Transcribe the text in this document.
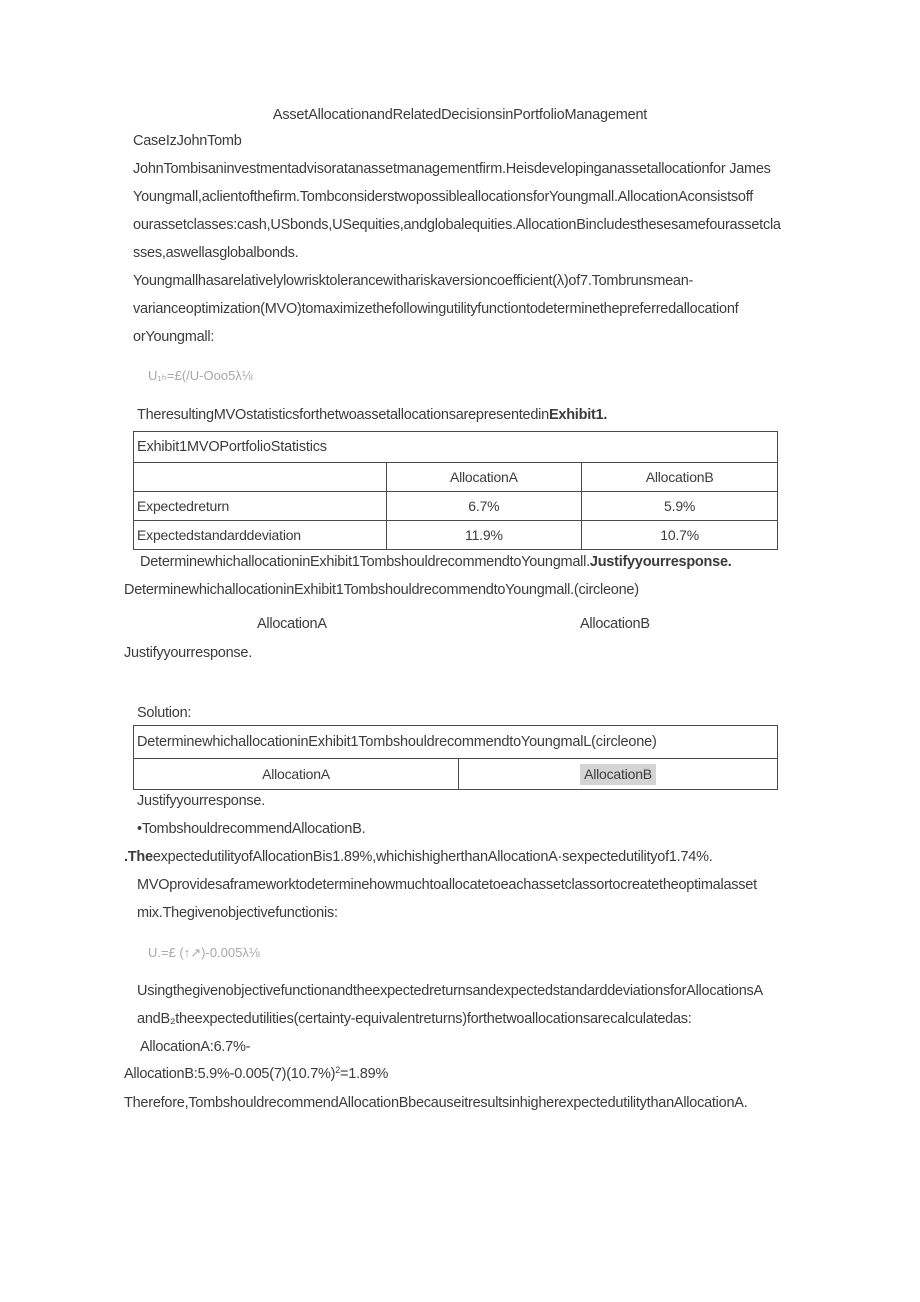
AssetAllocationandRelatedDecisionsinPortfolioManagement
CaseIzJohnTomb
JohnTombisaninvestmentadvisoratanassetmanagementfirm.Heisdevelopinganassetallocationfor James
Youngmall,aclientofthefirm.TombconsiderstwopossibleallocationsforYoungmall.AllocationAconsistsoff
ourassetclasses:cash,USbonds,USequities,andglobalequities.AllocationBincludesthesesamefourassetcla
sses,aswellasglobalbonds.
Youngmallhasarelativelylowrisktolerancewithariskaversioncoefficient(λ)of7.Tombrunsmean-
varianceoptimization(MVO)tomaximizethefollowingutilityfunctiontodeterminethepreferredallocationf
orYoungmall:
U₁ₕ=£(/U-Ooo5λ⅛
TheresultingMVOstatisticsforthetwoassetallocationsarepresentedinExhibit1.
Exhibit1MVOPortfolioStatistics		
	AllocationA	AllocationB
Expectedreturn	6.7%	5.9%
Expectedstandarddeviation	11.9%	10.7%
DeterminewhichallocationinExhibit1TombshouldrecommendtoYoungmall.Justifyyourresponse.
DeterminewhichallocationinExhibit1TombshouldrecommendtoYoungmall.(circleone)
AllocationA	AllocationB
Justifyyourresponse.
Solution:
DeterminewhichallocationinExhibit1TombshouldrecommendtoYoungmalL(circleone)
AllocationA	AllocationB
Justifyyourresponse.
•TombshouldrecommendAllocationB.
.TheexpectedutilityofAllocationBis1.89%,whichishigherthanAllocationA·sexpectedutilityof1.74%.
MVOprovidesaframeworktodeterminehowmuchtoallocatetoeachassetclassortocreatetheoptimalasset
mix.Thegivenobjectivefunctionis:
U.=£ (↑↗)-0.005λ⅛
UsingthegivenobjectivefunctionandtheexpectedreturnsandexpectedstandarddeviationsforAllocationsA
andB₂theexpectedutilities(certainty-equivalentreturns)forthetwoallocationsarecalculatedas:
AllocationA:6.7%-
$AllocationB:5.9\%-0.005(7)(10.7\%)^2=1.89\%$
Therefore,TombshouldrecommendAllocationBbecauseitresultsinhigherexpectedutilitythanAllocationA.
